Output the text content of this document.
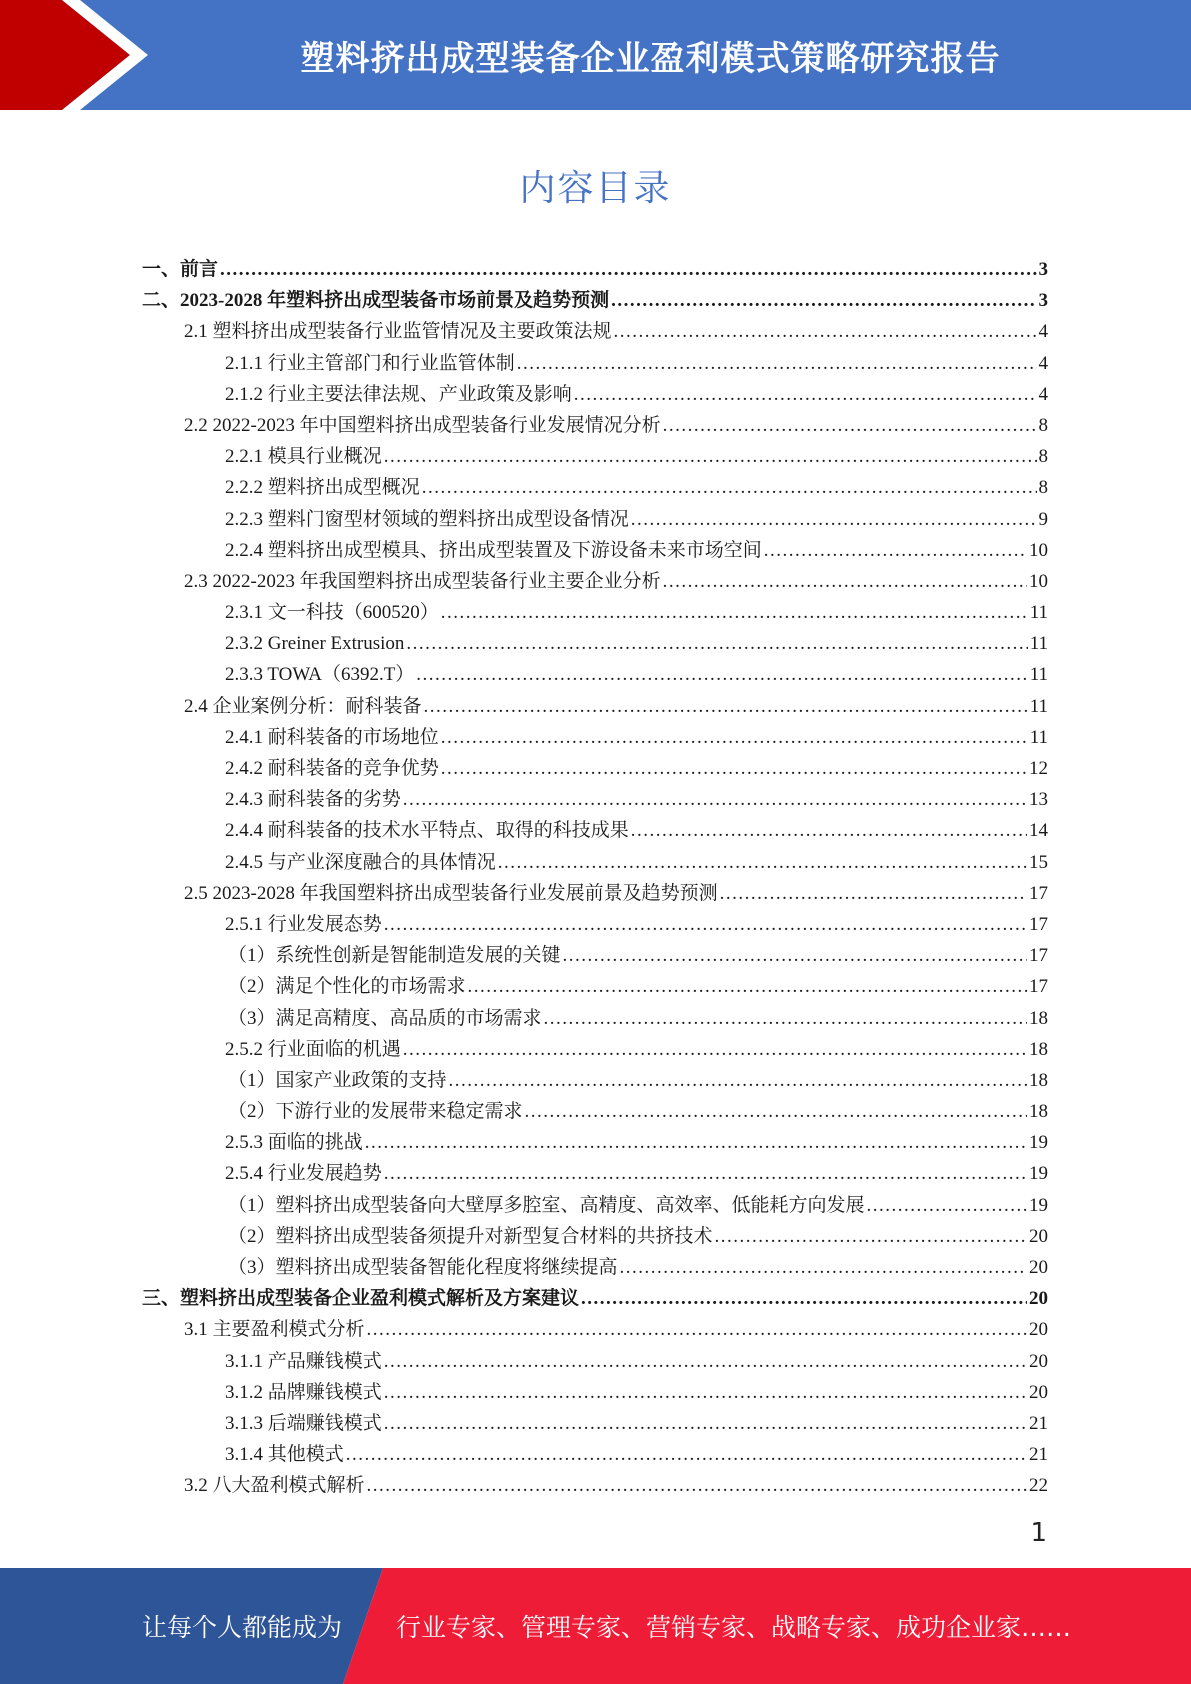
塑料挤出成型装备企业盈利模式策略研究报告
内容目录
一、前言 .....	3
二、2023-2028 年塑料挤出成型装备市场前景及趋势预测 .....	3
2.1 塑料挤出成型装备行业监管情况及主要政策法规 .....	4
2.1.1 行业主管部门和行业监管体制 .....	4
2.1.2 行业主要法律法规、产业政策及影响 .....	4
2.2 2022-2023 年中国塑料挤出成型装备行业发展情况分析 .....	8
2.2.1 模具行业概况 .....	8
2.2.2 塑料挤出成型概况 .....	8
2.2.3 塑料门窗型材领域的塑料挤出成型设备情况 .....	9
2.2.4 塑料挤出成型模具、挤出成型装置及下游设备未来市场空间 .....	10
2.3 2022-2023 年我国塑料挤出成型装备行业主要企业分析 .....	10
2.3.1 文一科技（600520） .....	11
2.3.2 Greiner Extrusion .....	11
2.3.3 TOWA（6392.T） .....	11
2.4 企业案例分析：耐科装备 .....	11
2.4.1 耐科装备的市场地位 .....	11
2.4.2 耐科装备的竞争优势 .....	12
2.4.3 耐科装备的劣势 .....	13
2.4.4 耐科装备的技术水平特点、取得的科技成果 .....	14
2.4.5 与产业深度融合的具体情况 .....	15
2.5 2023-2028 年我国塑料挤出成型装备行业发展前景及趋势预测 .....	17
2.5.1 行业发展态势 .....	17
（1）系统性创新是智能制造发展的关键 .....	17
（2）满足个性化的市场需求 .....	17
（3）满足高精度、高品质的市场需求 .....	18
2.5.2 行业面临的机遇 .....	18
（1）国家产业政策的支持 .....	18
（2）下游行业的发展带来稳定需求 .....	18
2.5.3 面临的挑战 .....	19
2.5.4 行业发展趋势 .....	19
（1）塑料挤出成型装备向大壁厚多腔室、高精度、高效率、低能耗方向发展 .....	19
（2）塑料挤出成型装备须提升对新型复合材料的共挤技术 .....	20
（3）塑料挤出成型装备智能化程度将继续提高 .....	20
三、塑料挤出成型装备企业盈利模式解析及方案建议 .....	20
3.1 主要盈利模式分析 .....	20
3.1.1 产品赚钱模式 .....	20
3.1.2 品牌赚钱模式 .....	20
3.1.3 后端赚钱模式 .....	21
3.1.4 其他模式 .....	21
3.2 八大盈利模式解析 .....	22
1
让每个人都能成为 行业专家、管理专家、营销专家、战略专家、成功企业家……
